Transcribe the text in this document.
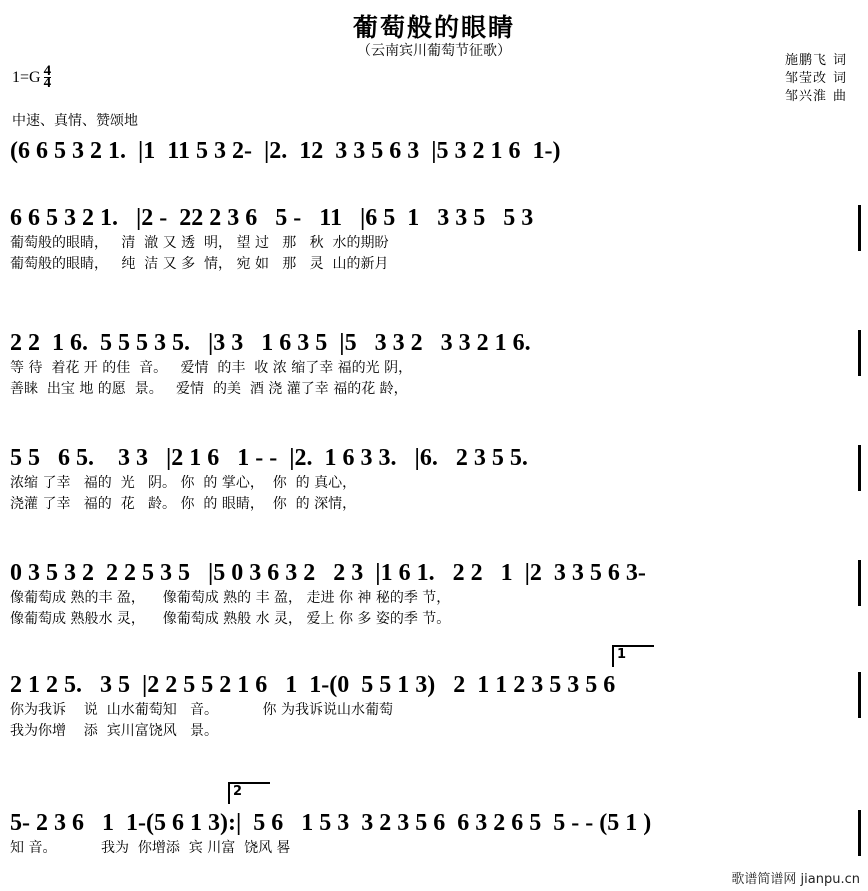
葡萄般的眼睛
（云南宾川葡萄节征歌）
施鹏飞 词
邹莹改 词
邹兴淮 曲
$1=G \frac{4}{4}$
中速、真情、赞颂地
(6 6 5 3 2 1.  |1  11 5 3 2-  |2.  12  3 3 5 6 3  |5 3 2 1 6  1-)
6 6 5 3 2 1.   |2 -  22 2 3 6   5 -   11   |6 5  1   3 3 5   5 3
葡萄般的眼睛，   清  澈 又 透  明， 望 过   那   秋  水的期盼
葡萄般的眼睛，   纯  洁 又 多  情， 宛 如   那   灵  山的新月
2 2  1 6.  5 5 5 3 5.   |3 3   1 6 3 5  |5   3 3 2   3 3 2 1 6.
等 待  着花 开 的佳  音。   爱情  的丰  收 浓 缩了幸 福的光 阴，
善睐  出宝 地 的愿  景。   爱情  的美  酒 浇 灌了幸 福的花 龄，
5 5   6 5.    3 3   |2 1 6   1 - -  |2.  1 6 3 3.   |6.   2 3 5 5.
浓缩 了幸   福的  光   阴。 你  的 掌心，  你  的 真心，
浇灌 了幸   福的  花   龄。 你  的 眼睛，  你  的 深情，
0 3 5 3 2  2 2 5 3 5   |5 0 3 6 3 2   2 3  |1 6 1.   2 2   1  |2  3 3 5 6 3-
像葡萄成 熟的丰 盈，    像葡萄成 熟的 丰 盈， 走进 你 神 秘的季 节，
像葡萄成 熟般水 灵，    像葡萄成 熟般 水 灵， 爱上 你 多 姿的季 节。
1
2 1 2 5.   3 5  |2 2 5 5 2 1 6   1  1-(0  5 5 1 3)   2  1 1 2 3 5 3 5 6
你为我诉    说  山水葡萄知   音。          你 为我诉说山水葡萄
我为你增    添  宾川富饶风   景。
2
5- 2 3 6   1  1-(5 6 1 3):|  5 6   1 5 3  3 2 3 5 6  6 3 2 6 5  5 - - (5 1 )
知 音。          我为  你增添  宾 川富  饶风 晷
歌谱简谱网 jianpu.cn
